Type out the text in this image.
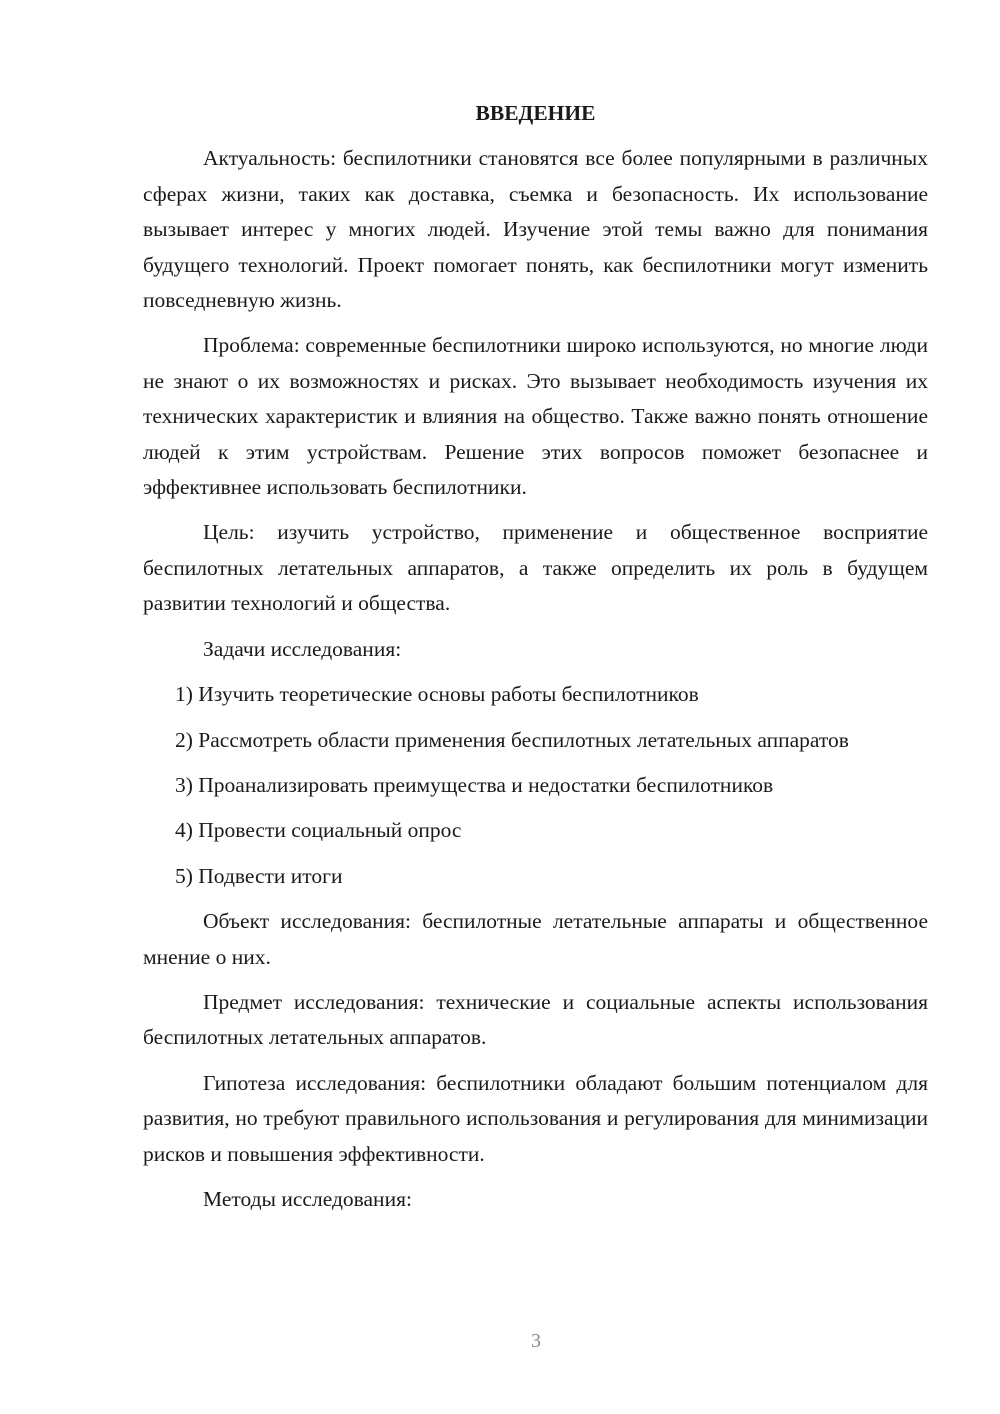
ВВЕДЕНИЕ

Актуальность: беспилотники становятся все более популярными в различных сферах жизни, таких как доставка, съемка и безопасность. Их использование вызывает интерес у многих людей. Изучение этой темы важно для понимания будущего технологий. Проект помогает понять, как беспилотники могут изменить повседневную жизнь.

Проблема: современные беспилотники широко используются, но многие люди не знают о их возможностях и рисках. Это вызывает необходимость изучения их технических характеристик и влияния на общество. Также важно понять отношение людей к этим устройствам. Решение этих вопросов поможет безопаснее и эффективнее использовать беспилотники.

Цель: изучить устройство, применение и общественное восприятие беспилотных летательных аппаратов, а также определить их роль в будущем развитии технологий и общества.

Задачи исследования:

1) Изучить теоретические основы работы беспилотников

2) Рассмотреть области применения беспилотных летательных аппаратов

3) Проанализировать преимущества и недостатки беспилотников

4) Провести социальный опрос

5) Подвести итоги

Объект исследования: беспилотные летательные аппараты и общественное мнение о них.

Предмет исследования: технические и социальные аспекты использования беспилотных летательных аппаратов.

Гипотеза исследования: беспилотники обладают большим потенциалом для развития, но требуют правильного использования и регулирования для минимизации рисков и повышения эффективности.

Методы исследования:

3
